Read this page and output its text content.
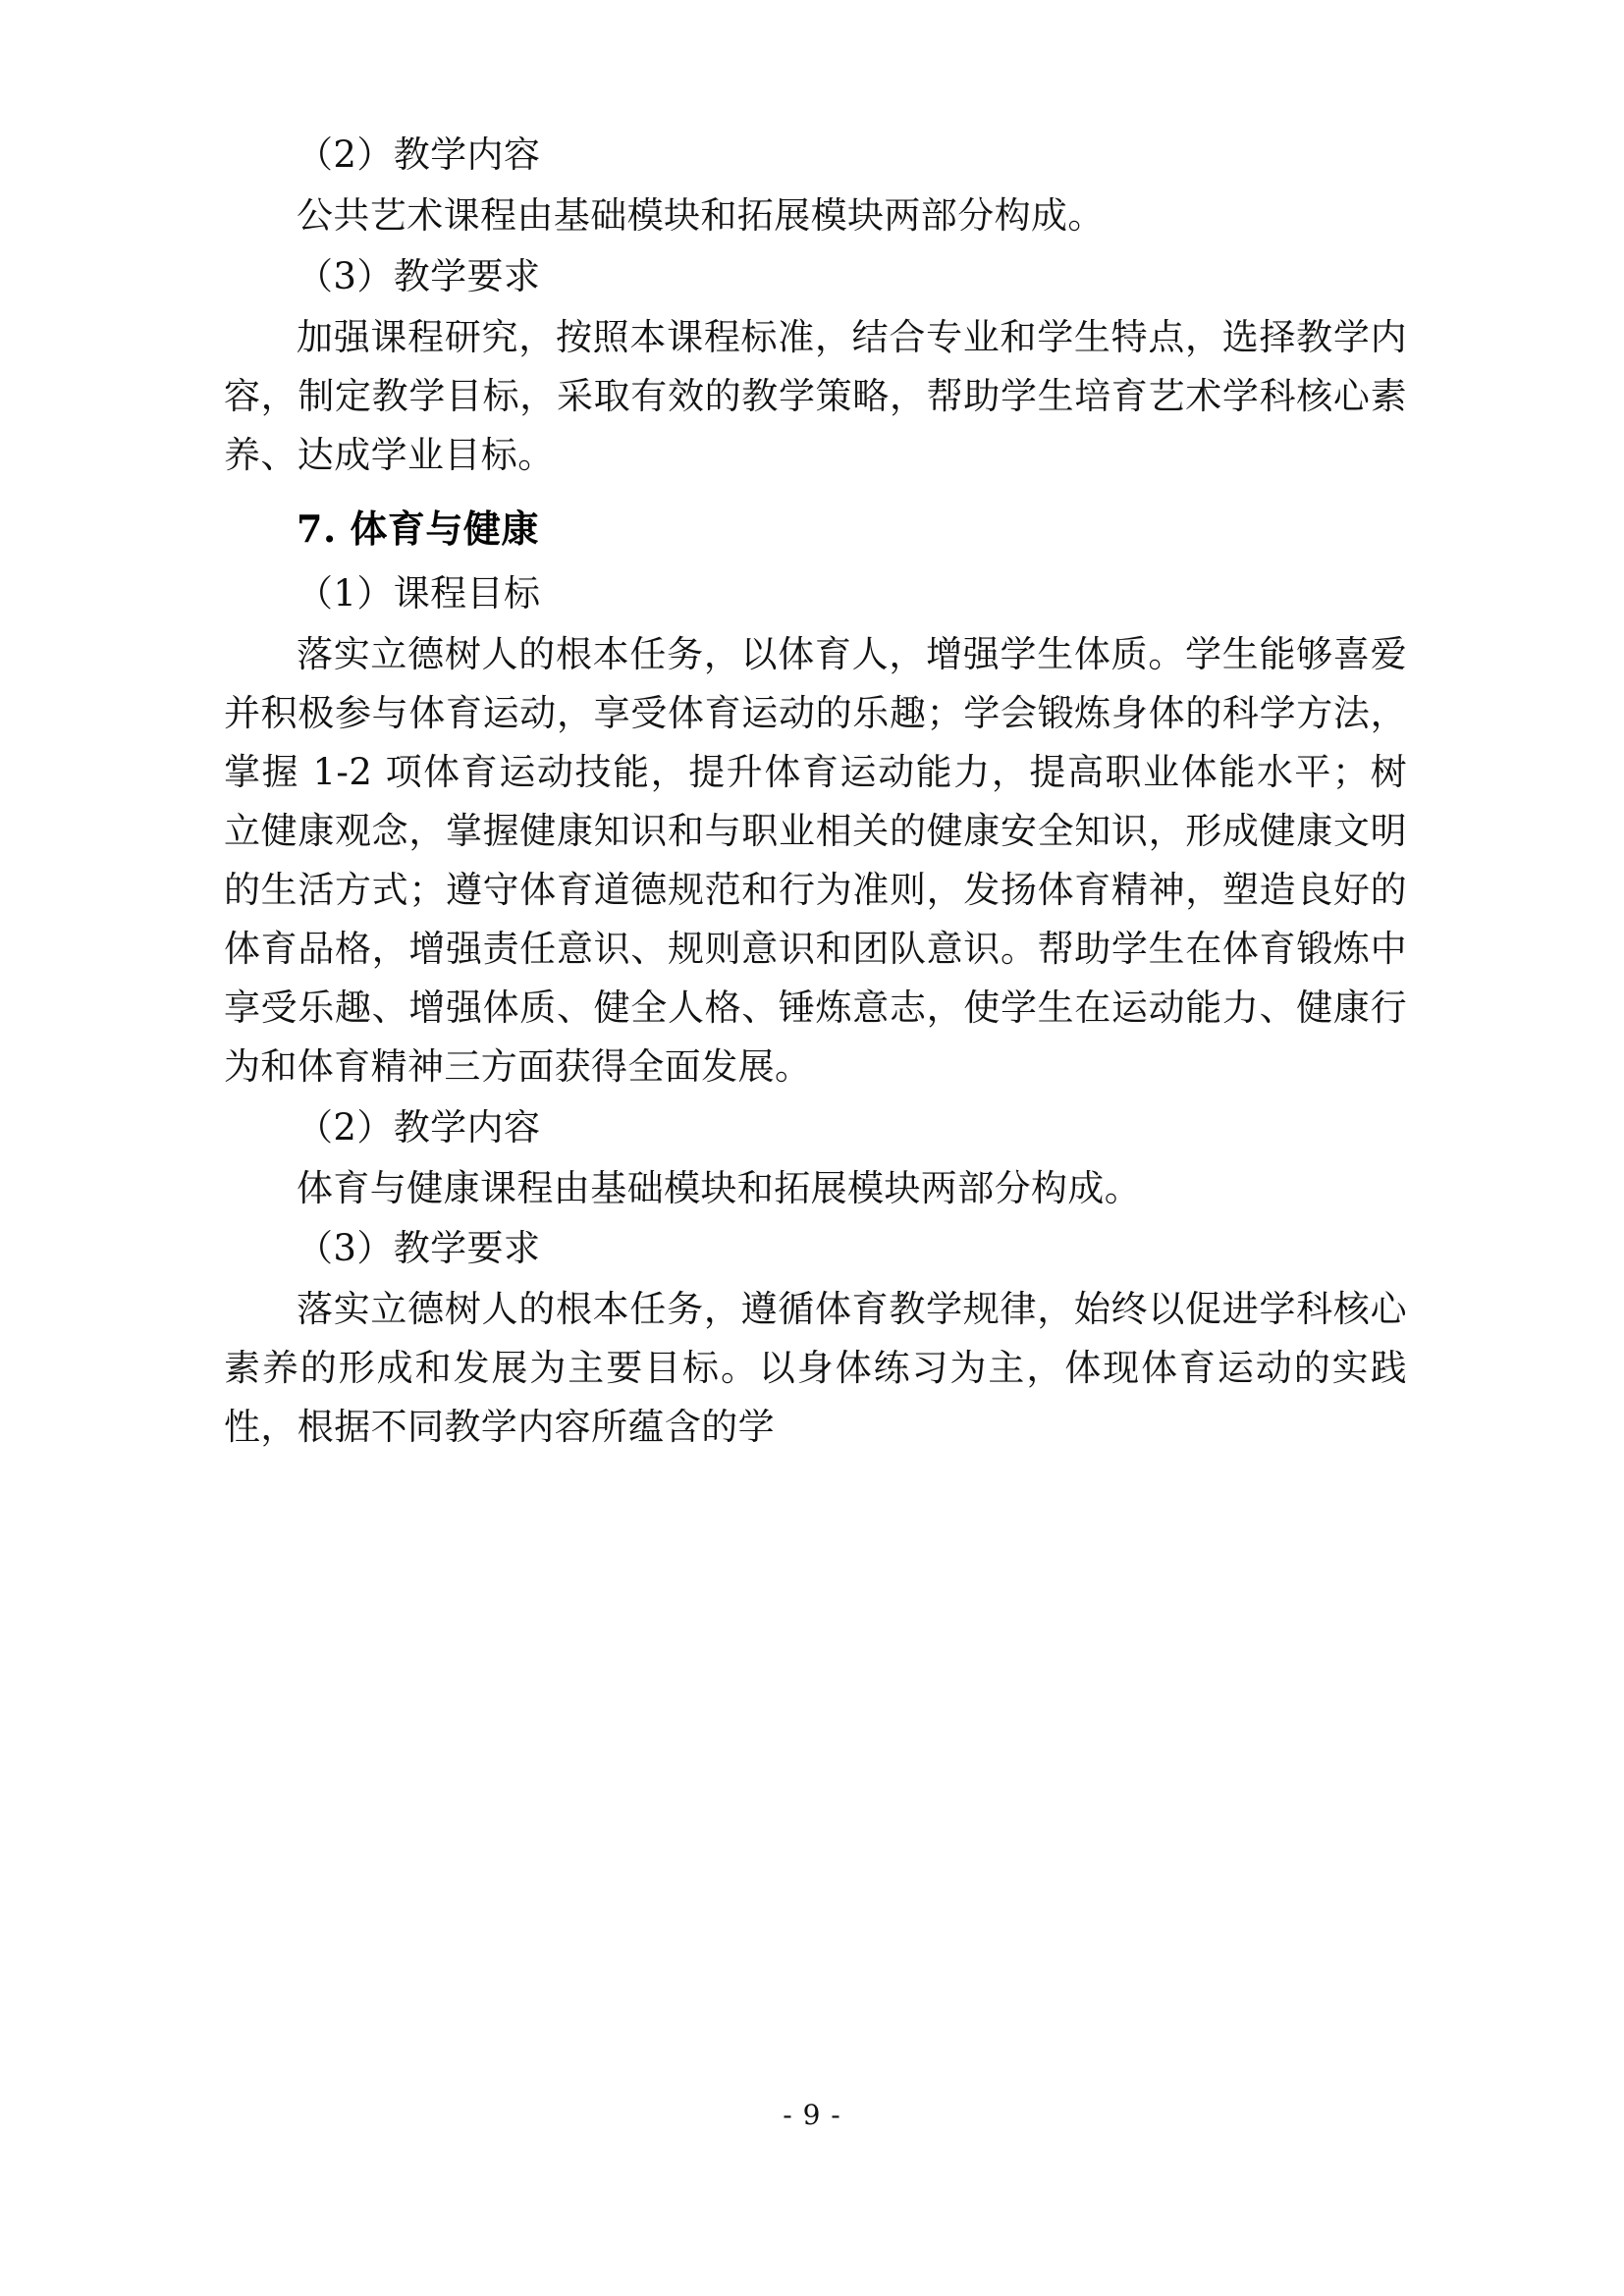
（2）教学内容

公共艺术课程由基础模块和拓展模块两部分构成。

（3）教学要求

加强课程研究，按照本课程标准，结合专业和学生特点，选择教学内容，制定教学目标，采取有效的教学策略，帮助学生培育艺术学科核心素养、达成学业目标。

7. 体育与健康

（1）课程目标

落实立德树人的根本任务，以体育人，增强学生体质。学生能够喜爱并积极参与体育运动，享受体育运动的乐趣；学会锻炼身体的科学方法，掌握 1-2 项体育运动技能，提升体育运动能力，提高职业体能水平；树立健康观念，掌握健康知识和与职业相关的健康安全知识，形成健康文明的生活方式；遵守体育道德规范和行为准则，发扬体育精神，塑造良好的体育品格，增强责任意识、规则意识和团队意识。帮助学生在体育锻炼中享受乐趣、增强体质、健全人格、锤炼意志，使学生在运动能力、健康行为和体育精神三方面获得全面发展。

（2）教学内容

体育与健康课程由基础模块和拓展模块两部分构成。

（3）教学要求

落实立德树人的根本任务，遵循体育教学规律，始终以促进学科核心素养的形成和发展为主要目标。以身体练习为主，体现体育运动的实践性，根据不同教学内容所蕴含的学

- 9 -
